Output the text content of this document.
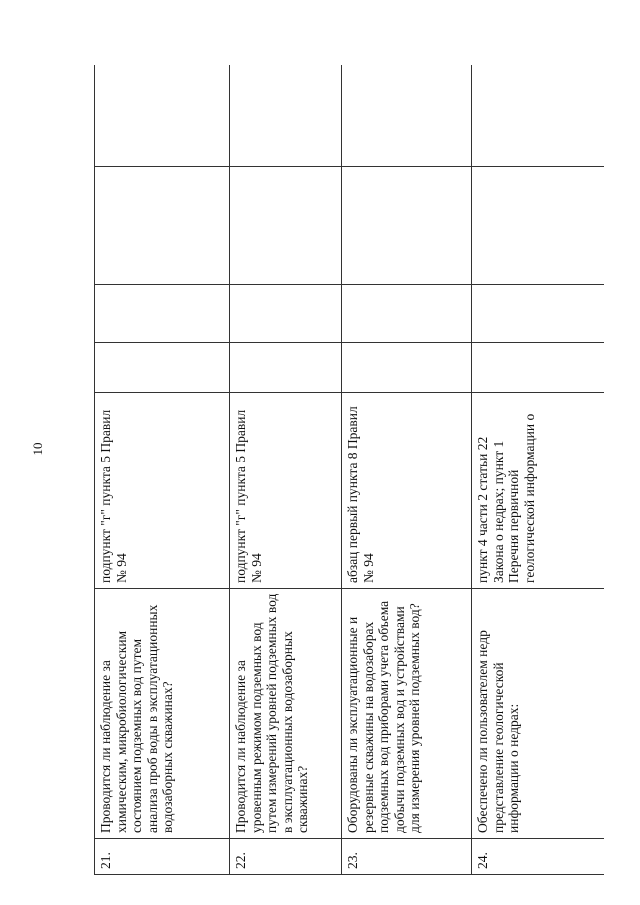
10
21.	Проводится ли наблюдение за химическим, микробиологическим состоянием подземных вод путем анализа проб воды в эксплуатационных водозаборных скважинах?	подпункт "г" пункта 5 Правил № 94				
22.	Проводится ли наблюдение за уровенным режимом подземных вод путем измерений уровней подземных вод в эксплуатационных водозаборных скважинах?	подпункт "г" пункта 5 Правил № 94				
23.	Оборудованы ли эксплуатационные и резервные скважины на водозаборах подземных вод приборами учета объема добычи подземных вод и устройствами для измерения уровней подземных вод?	абзац первый пункта 8 Правил № 94				
24.	Обеспечено ли пользователем недр представление геологической информации о недрах:	пункт 4 части 2 статьи 22 Закона о недрах; пункт 1 Перечня первичной геологической информации о				
